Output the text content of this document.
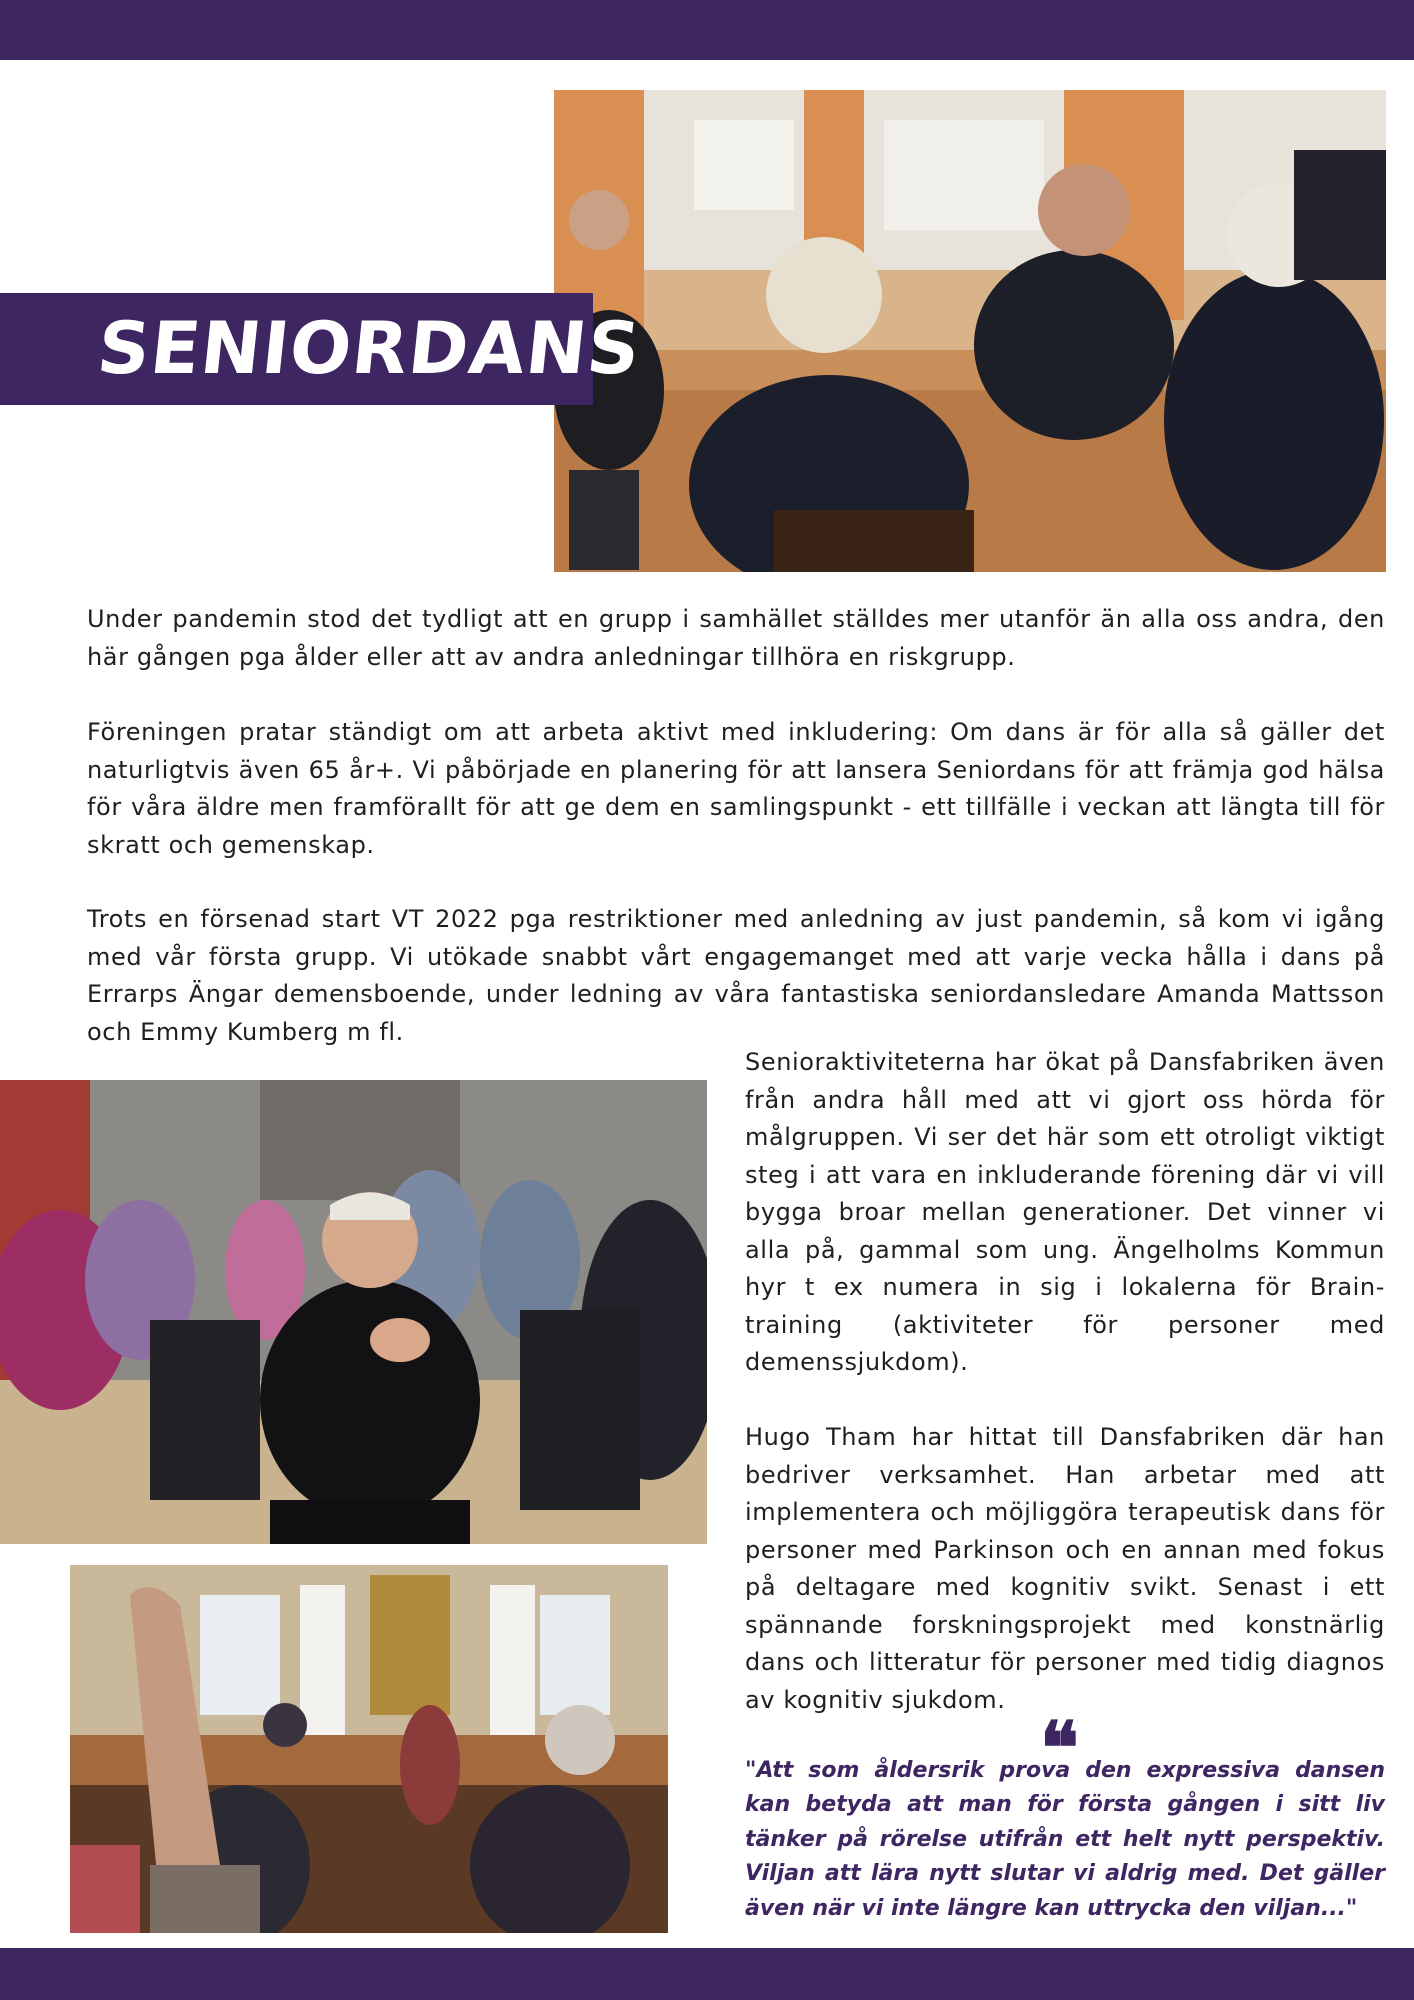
SENIORDANS
Under pandemin stod det tydligt att en grupp i samhället ställdes mer utanför än alla oss andra, den här gången pga ålder eller att av andra anledningar tillhöra en riskgrupp.
Föreningen pratar ständigt om att arbeta aktivt med inkludering: Om dans är för alla så gäller det naturligtvis även 65 år+. Vi påbörjade en planering för att lansera Seniordans för att främja god hälsa för våra äldre men framförallt för att ge dem en samlingspunkt - ett tillfälle i veckan att längta till för skratt och gemenskap.
Trots en försenad start VT 2022 pga restriktioner med anledning av just pandemin, så kom vi igång med vår första grupp. Vi utökade snabbt vårt engagemanget med att varje vecka hålla i dans på Errarps Ängar demensboende, under ledning av våra fantastiska seniordansledare Amanda Mattsson och Emmy Kumberg m fl.
Senioraktiviteterna har ökat på Dansfabriken även från andra håll med att vi gjort oss hörda för målgruppen. Vi ser det här som ett otroligt viktigt steg i att vara en inkluderande förening där vi vill bygga broar mellan generationer. Det vinner vi alla på, gammal som ung. Ängelholms Kommun hyr t ex numera in sig i lokalerna för Brain-training (aktiviteter för personer med demenssjukdom).
Hugo Tham har hittat till Dansfabriken där han bedriver verksamhet. Han arbetar med att implementera och möjliggöra terapeutisk dans för personer med Parkinson och en annan med fokus på deltagare med kognitiv svikt. Senast i ett spännande forskningsprojekt med konstnärlig dans och litteratur för personer med tidig diagnos av kognitiv sjukdom.
❝
"Att som åldersrik prova den expressiva dansen kan betyda att man för första gången i sitt liv tänker på rörelse utifrån ett helt nytt perspektiv. Viljan att lära nytt slutar vi aldrig med. Det gäller även när vi inte längre kan uttrycka den viljan..."
